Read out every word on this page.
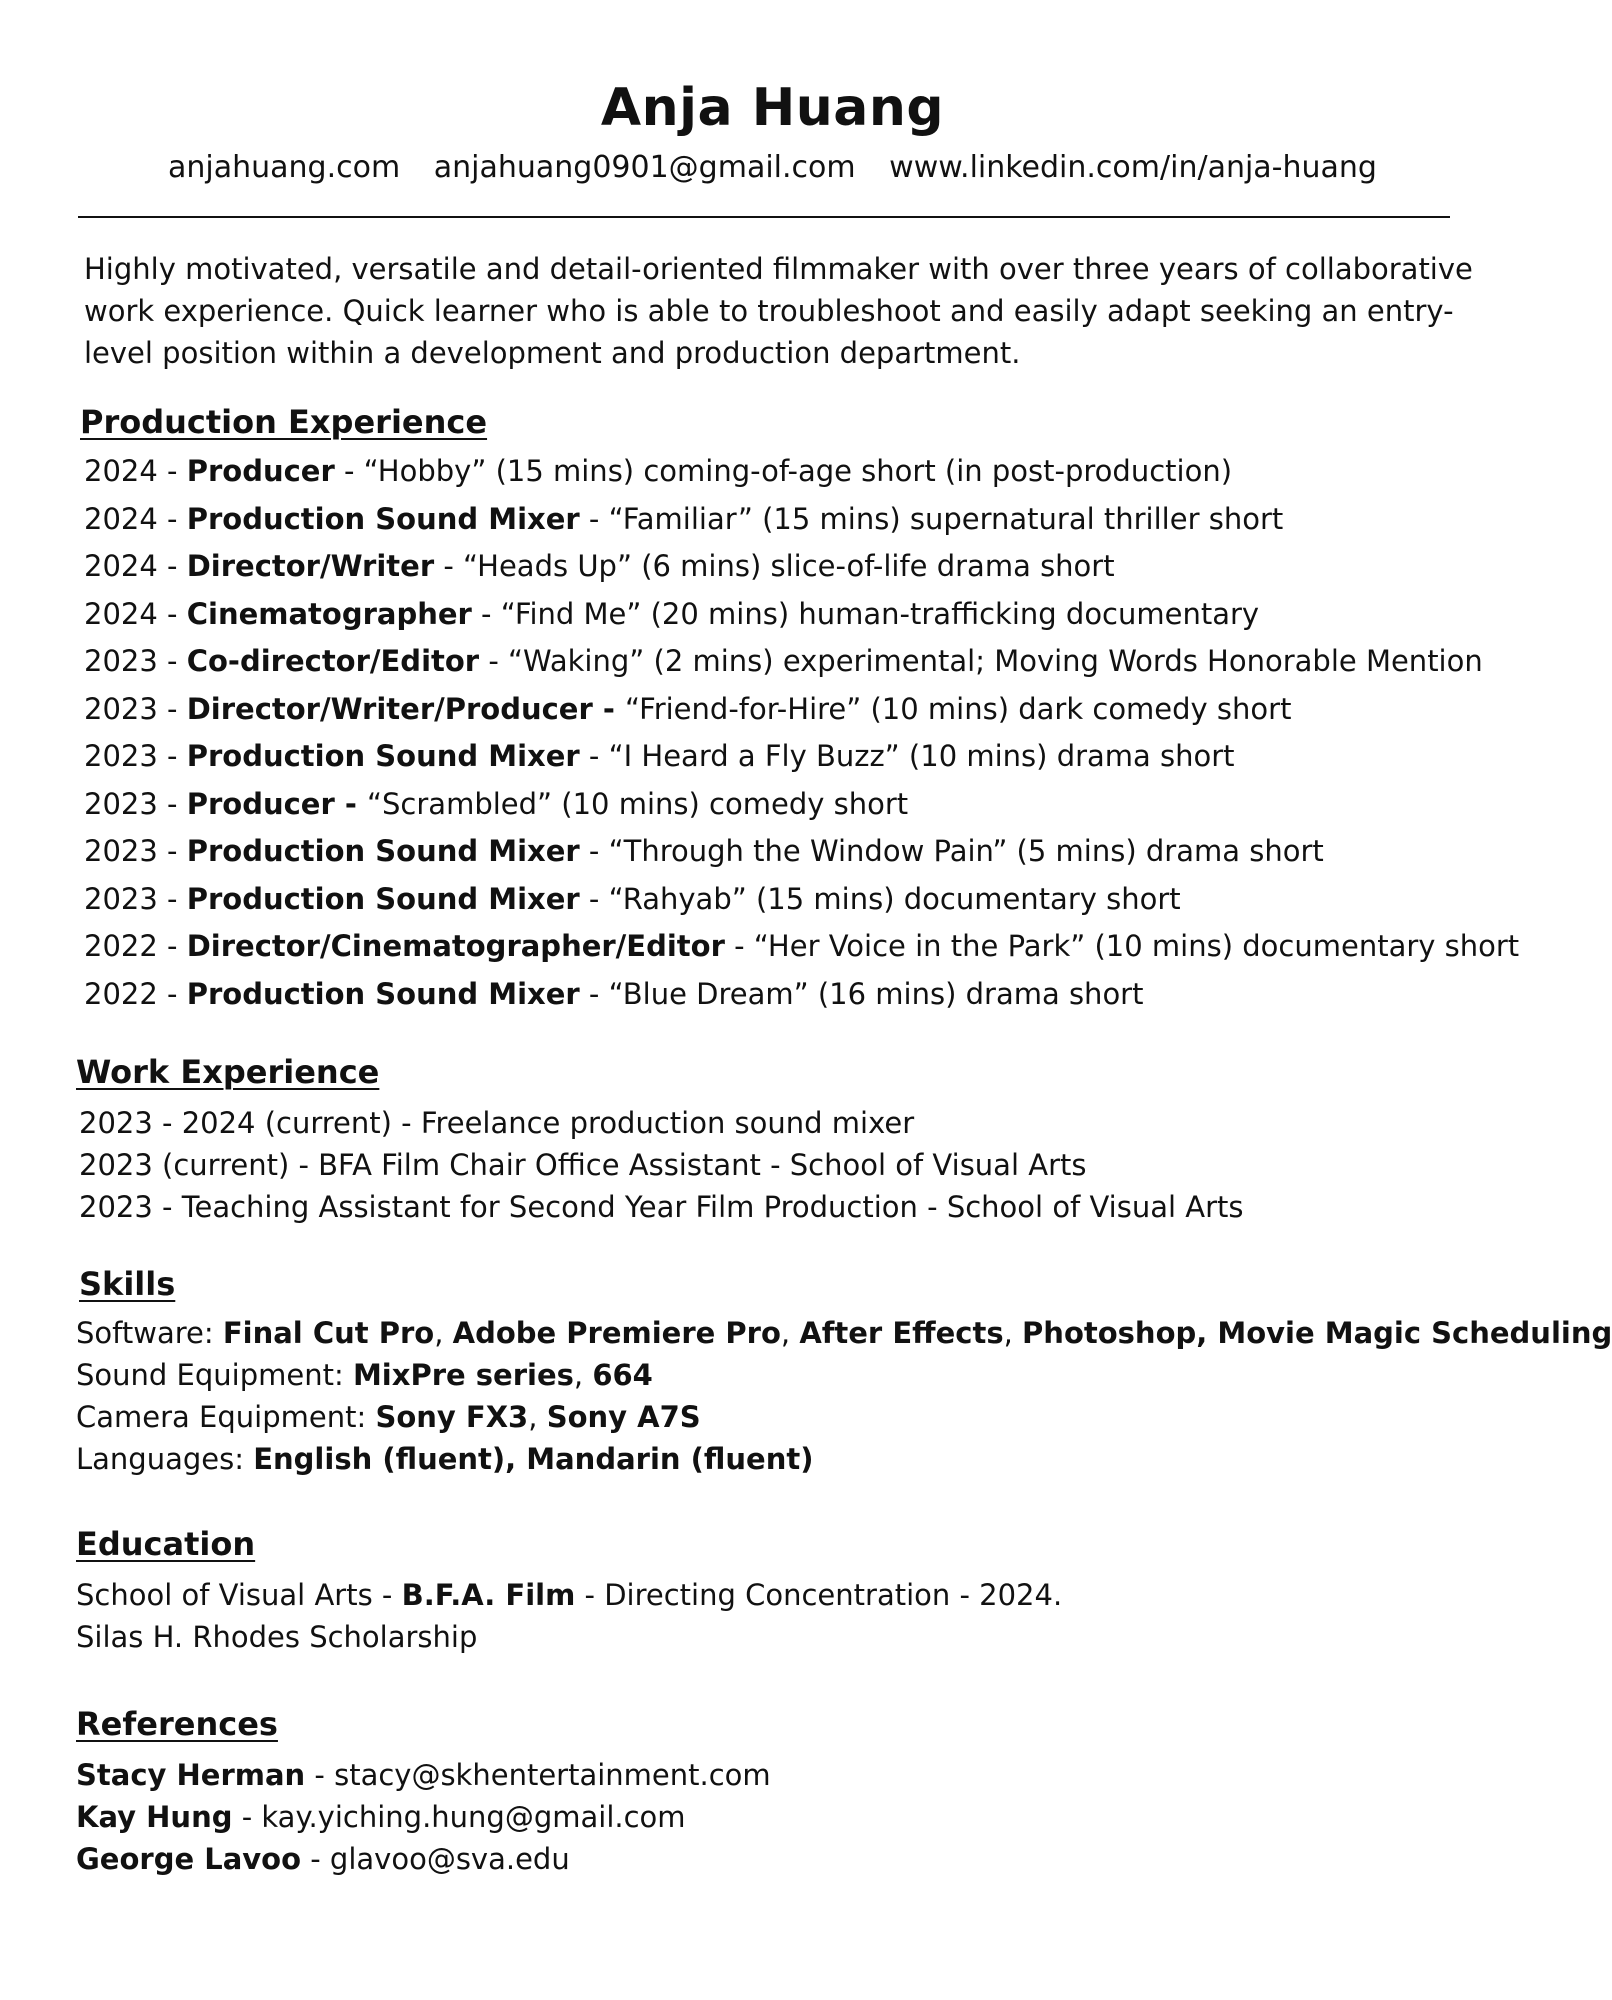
Anja Huang
anjahuang.com anjahuang0901@gmail.com www.linkedin.com/in/anja-huang

Highly motivated, versatile and detail-oriented filmmaker with over three years of collaborative work experience. Quick learner who is able to troubleshoot and easily adapt seeking an entry-level position within a development and production department.

Production Experience
2024 - Producer - “Hobby” (15 mins) coming-of-age short (in post-production)
2024 - Production Sound Mixer - “Familiar” (15 mins) supernatural thriller short
2024 - Director/Writer - “Heads Up” (6 mins) slice-of-life drama short
2024 - Cinematographer - “Find Me” (20 mins) human-trafficking documentary
2023 - Co-director/Editor - “Waking” (2 mins) experimental; Moving Words Honorable Mention
2023 - Director/Writer/Producer - “Friend-for-Hire” (10 mins) dark comedy short
2023 - Production Sound Mixer - “I Heard a Fly Buzz” (10 mins) drama short
2023 - Producer - “Scrambled” (10 mins) comedy short
2023 - Production Sound Mixer - “Through the Window Pain” (5 mins) drama short
2023 - Production Sound Mixer - “Rahyab” (15 mins) documentary short
2022 - Director/Cinematographer/Editor - “Her Voice in the Park” (10 mins) documentary short
2022 - Production Sound Mixer - “Blue Dream” (16 mins) drama short
Work Experience
2023 - 2024 (current) - Freelance production sound mixer
2023 (current) - BFA Film Chair Office Assistant - School of Visual Arts
2023 - Teaching Assistant for Second Year Film Production - School of Visual Arts
Skills
Software: Final Cut Pro, Adobe Premiere Pro, After Effects, Photoshop, Movie Magic Scheduling
Sound Equipment: MixPre series, 664
Camera Equipment: Sony FX3, Sony A7S
Languages: English (fluent), Mandarin (fluent)
Education
School of Visual Arts - B.F.A. Film - Directing Concentration - 2024.
Silas H. Rhodes Scholarship
References
Stacy Herman - stacy@skhentertainment.com
Kay Hung - kay.yiching.hung@gmail.com
George Lavoo - glavoo@sva.edu
